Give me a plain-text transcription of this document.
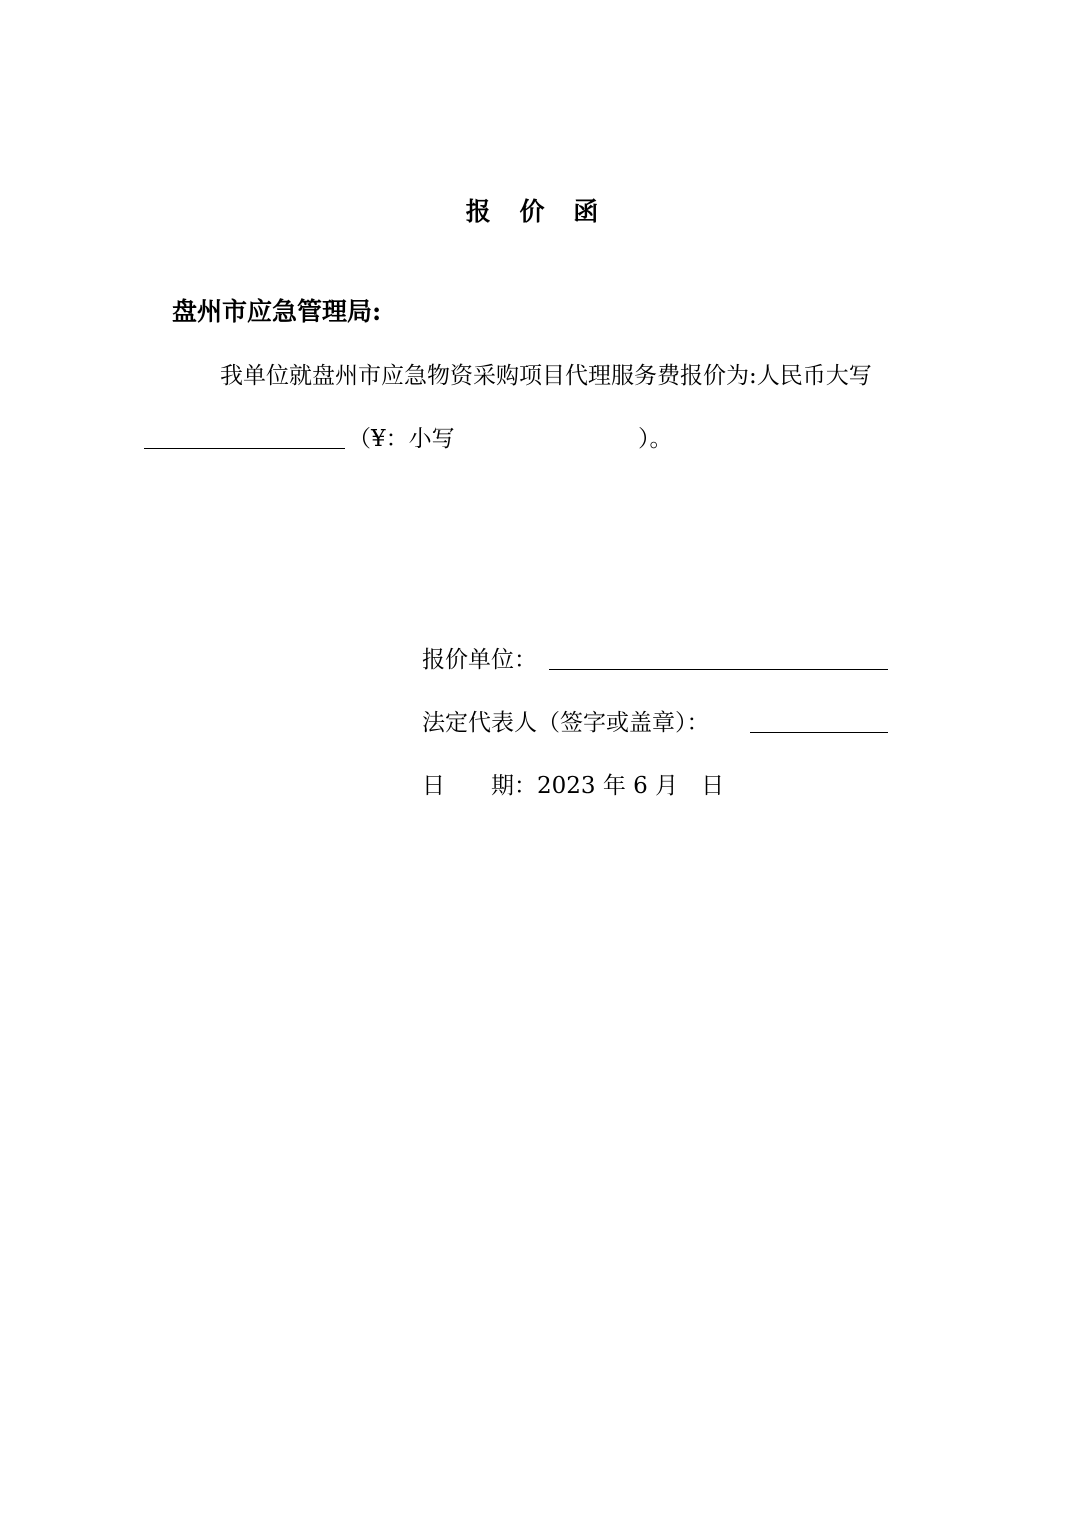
报 价 函
盘州市应急管理局:
我单位就盘州市应急物资采购项目代理服务费报价为:人民币大写
（¥：小写	）。
报价单位：
法定代表人（签字或盖章）：
日　　期：2023 年 6 月　日
